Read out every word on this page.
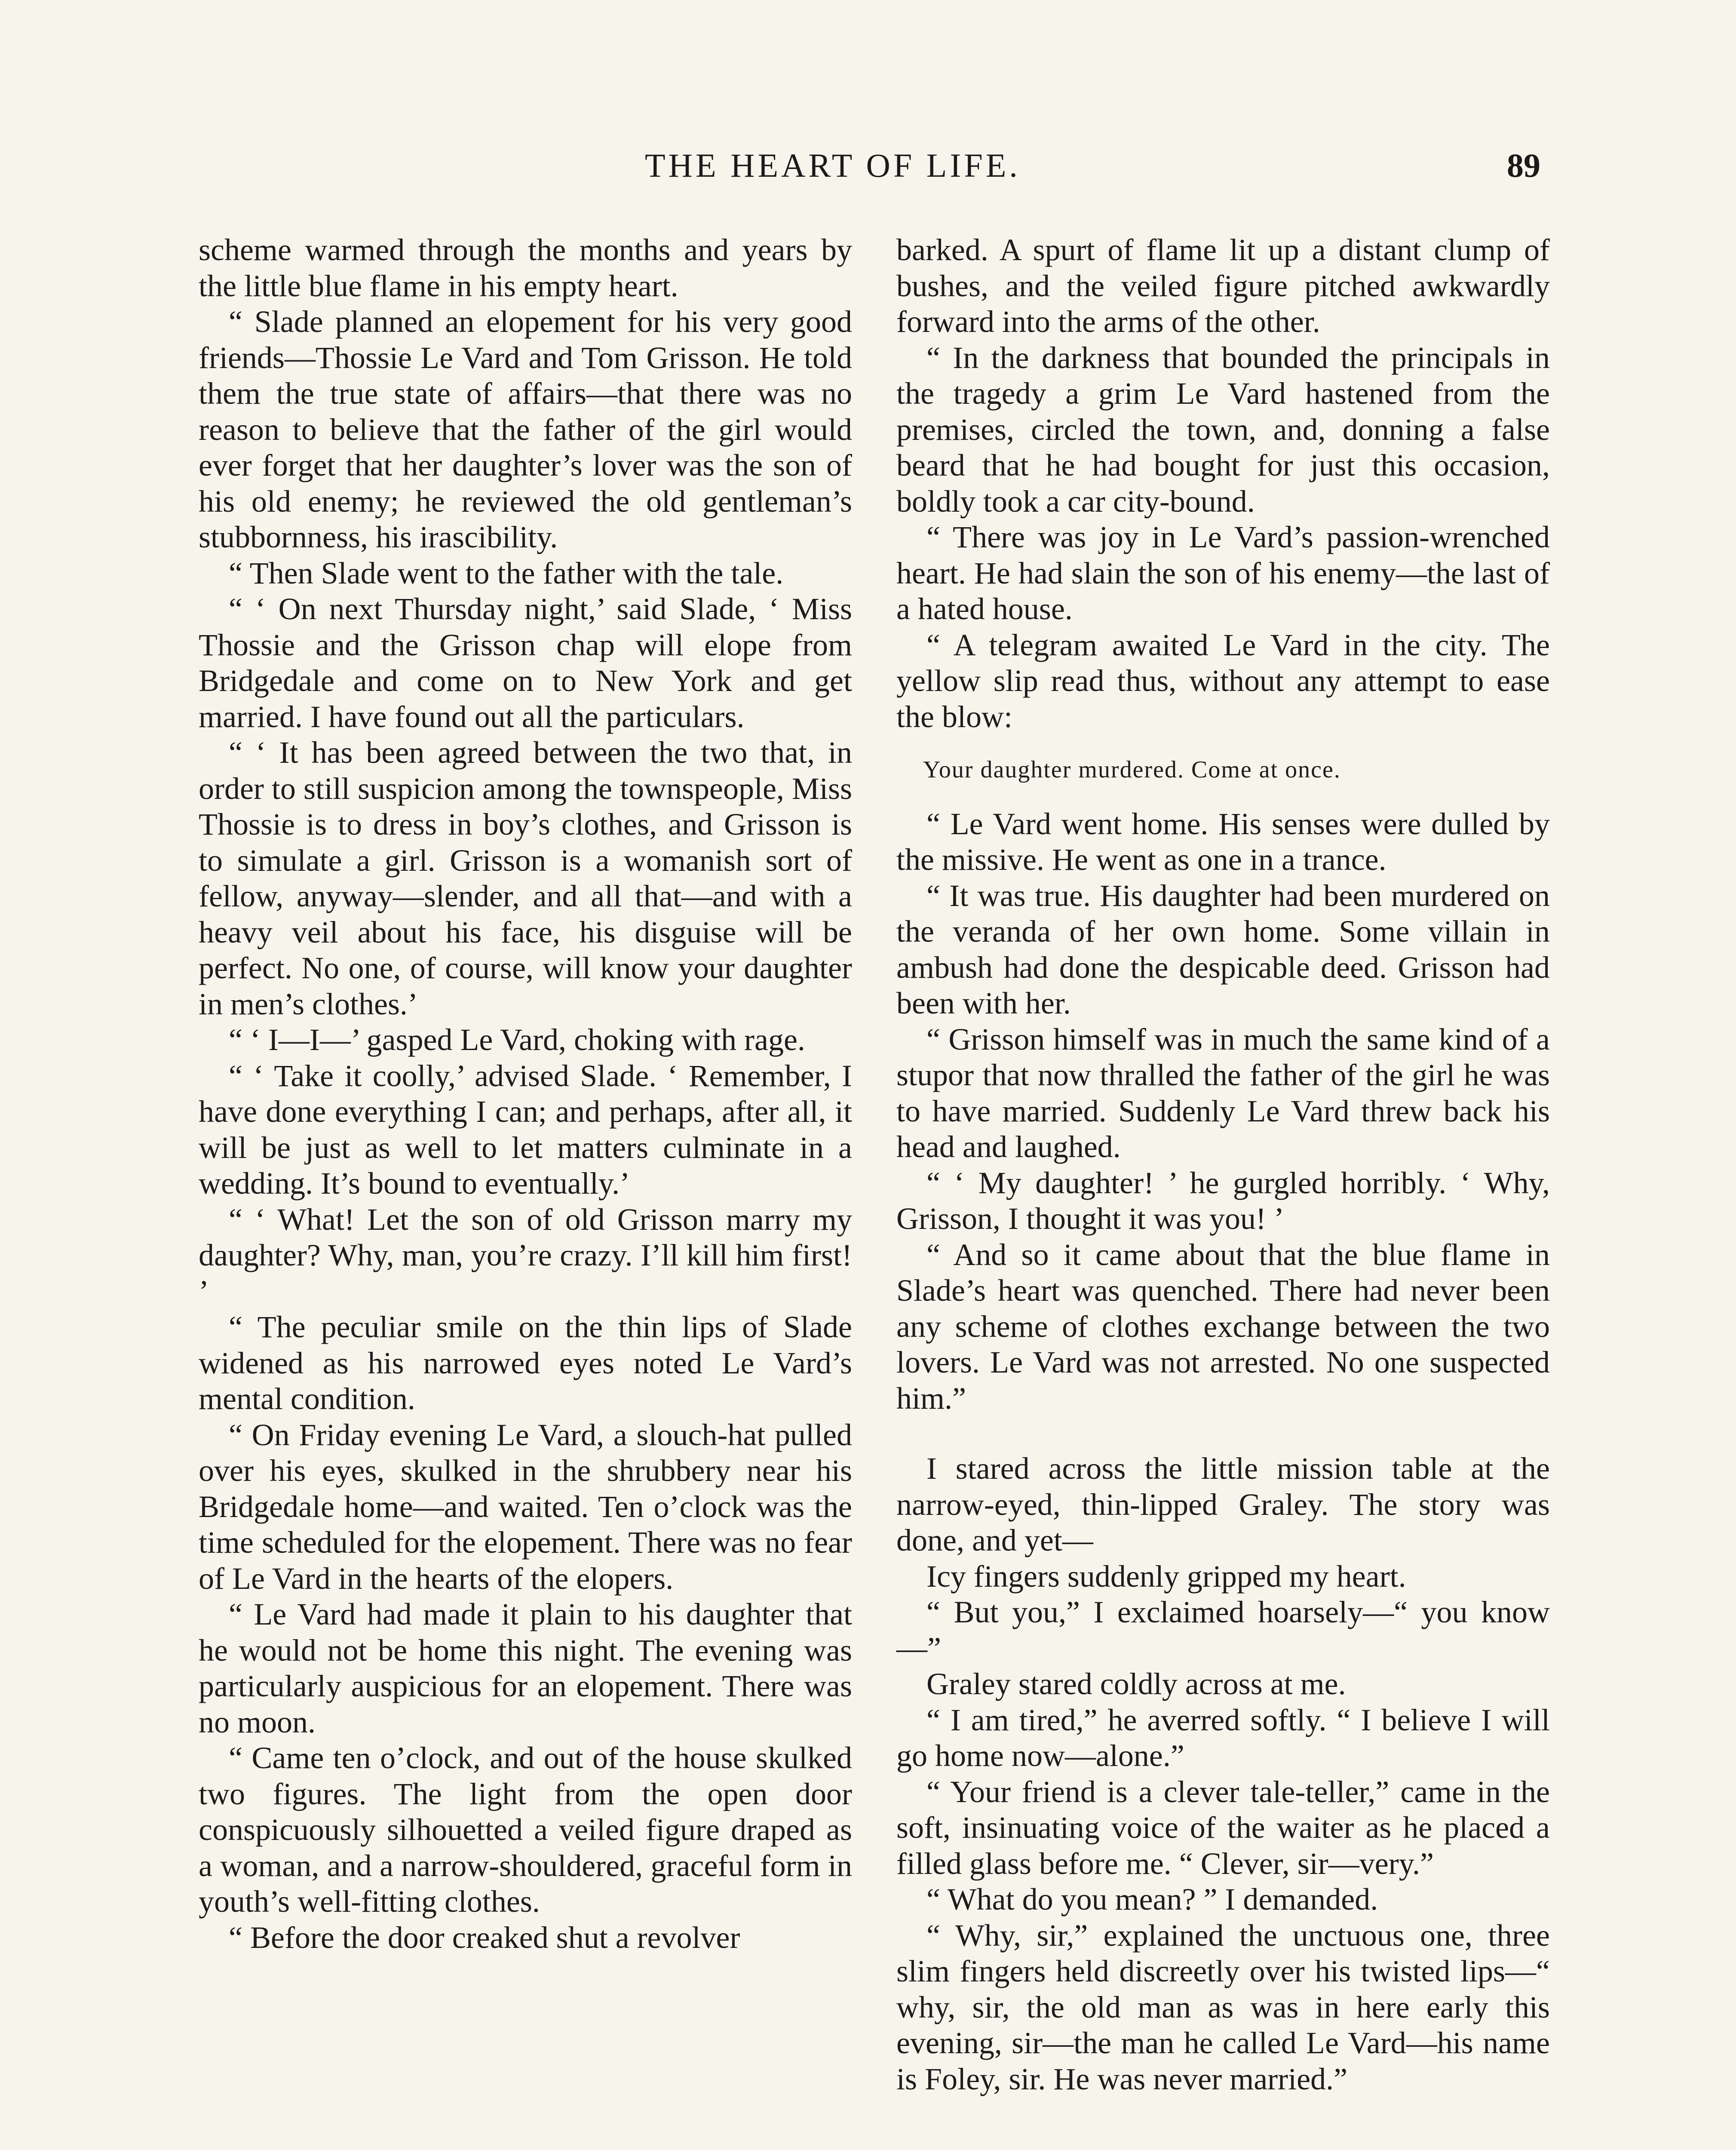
THE HEART OF LIFE.	89

scheme warmed through the months and years by the little blue flame in his empty heart.

“ Slade planned an elopement for his very good friends—Thossie Le Vard and Tom Grisson. He told them the true state of affairs—that there was no reason to believe that the father of the girl would ever forget that her daughter’s lover was the son of his old enemy; he reviewed the old gentleman’s stubbornness, his irascibility.

“ Then Slade went to the father with the tale.

“ ‘ On next Thursday night,’ said Slade, ‘ Miss Thossie and the Grisson chap will elope from Bridgedale and come on to New York and get married. I have found out all the particulars.

“ ‘ It has been agreed between the two that, in order to still suspicion among the townspeople, Miss Thossie is to dress in boy’s clothes, and Grisson is to simulate a girl. Grisson is a womanish sort of fellow, anyway—slender, and all that—and with a heavy veil about his face, his disguise will be perfect. No one, of course, will know your daughter in men’s clothes.’

“ ‘ I—I—’ gasped Le Vard, choking with rage.

“ ‘ Take it coolly,’ advised Slade. ‘ Remember, I have done everything I can; and perhaps, after all, it will be just as well to let matters culminate in a wedding. It’s bound to eventually.’

“ ‘ What! Let the son of old Grisson marry my daughter? Why, man, you’re crazy. I’ll kill him first! ’

“ The peculiar smile on the thin lips of Slade widened as his narrowed eyes noted Le Vard’s mental condition.

“ On Friday evening Le Vard, a slouch-hat pulled over his eyes, skulked in the shrubbery near his Bridgedale home—and waited. Ten o’clock was the time scheduled for the elopement. There was no fear of Le Vard in the hearts of the elopers.

“ Le Vard had made it plain to his daughter that he would not be home this night. The evening was particularly auspicious for an elopement. There was no moon.

“ Came ten o’clock, and out of the house skulked two figures. The light from the open door conspicuously silhouetted a veiled figure draped as a woman, and a narrow-shouldered, graceful form in youth’s well-fitting clothes.

“ Before the door creaked shut a revolver

barked. A spurt of flame lit up a distant clump of bushes, and the veiled figure pitched awkwardly forward into the arms of the other.

“ In the darkness that bounded the principals in the tragedy a grim Le Vard hastened from the premises, circled the town, and, donning a false beard that he had bought for just this occasion, boldly took a car city-bound.

“ There was joy in Le Vard’s passion-wrenched heart. He had slain the son of his enemy—the last of a hated house.

“ A telegram awaited Le Vard in the city. The yellow slip read thus, without any attempt to ease the blow:

Your daughter murdered. Come at once.

“ Le Vard went home. His senses were dulled by the missive. He went as one in a trance.

“ It was true. His daughter had been murdered on the veranda of her own home. Some villain in ambush had done the despicable deed. Grisson had been with her.

“ Grisson himself was in much the same kind of a stupor that now thralled the father of the girl he was to have married. Suddenly Le Vard threw back his head and laughed.

“ ‘ My daughter! ’ he gurgled horribly. ‘ Why, Grisson, I thought it was you! ’

“ And so it came about that the blue flame in Slade’s heart was quenched. There had never been any scheme of clothes exchange between the two lovers. Le Vard was not arrested. No one suspected him.”

I stared across the little mission table at the narrow-eyed, thin-lipped Graley. The story was done, and yet—

Icy fingers suddenly gripped my heart.

“ But you,” I exclaimed hoarsely—“ you know—”

Graley stared coldly across at me.

“ I am tired,” he averred softly. “ I believe I will go home now—alone.”

“ Your friend is a clever tale-teller,” came in the soft, insinuating voice of the waiter as he placed a filled glass before me. “ Clever, sir—very.”

“ What do you mean? ” I demanded.

“ Why, sir,” explained the unctuous one, three slim fingers held discreetly over his twisted lips—“ why, sir, the old man as was in here early this evening, sir—the man he called Le Vard—his name is Foley, sir. He was never married.”
